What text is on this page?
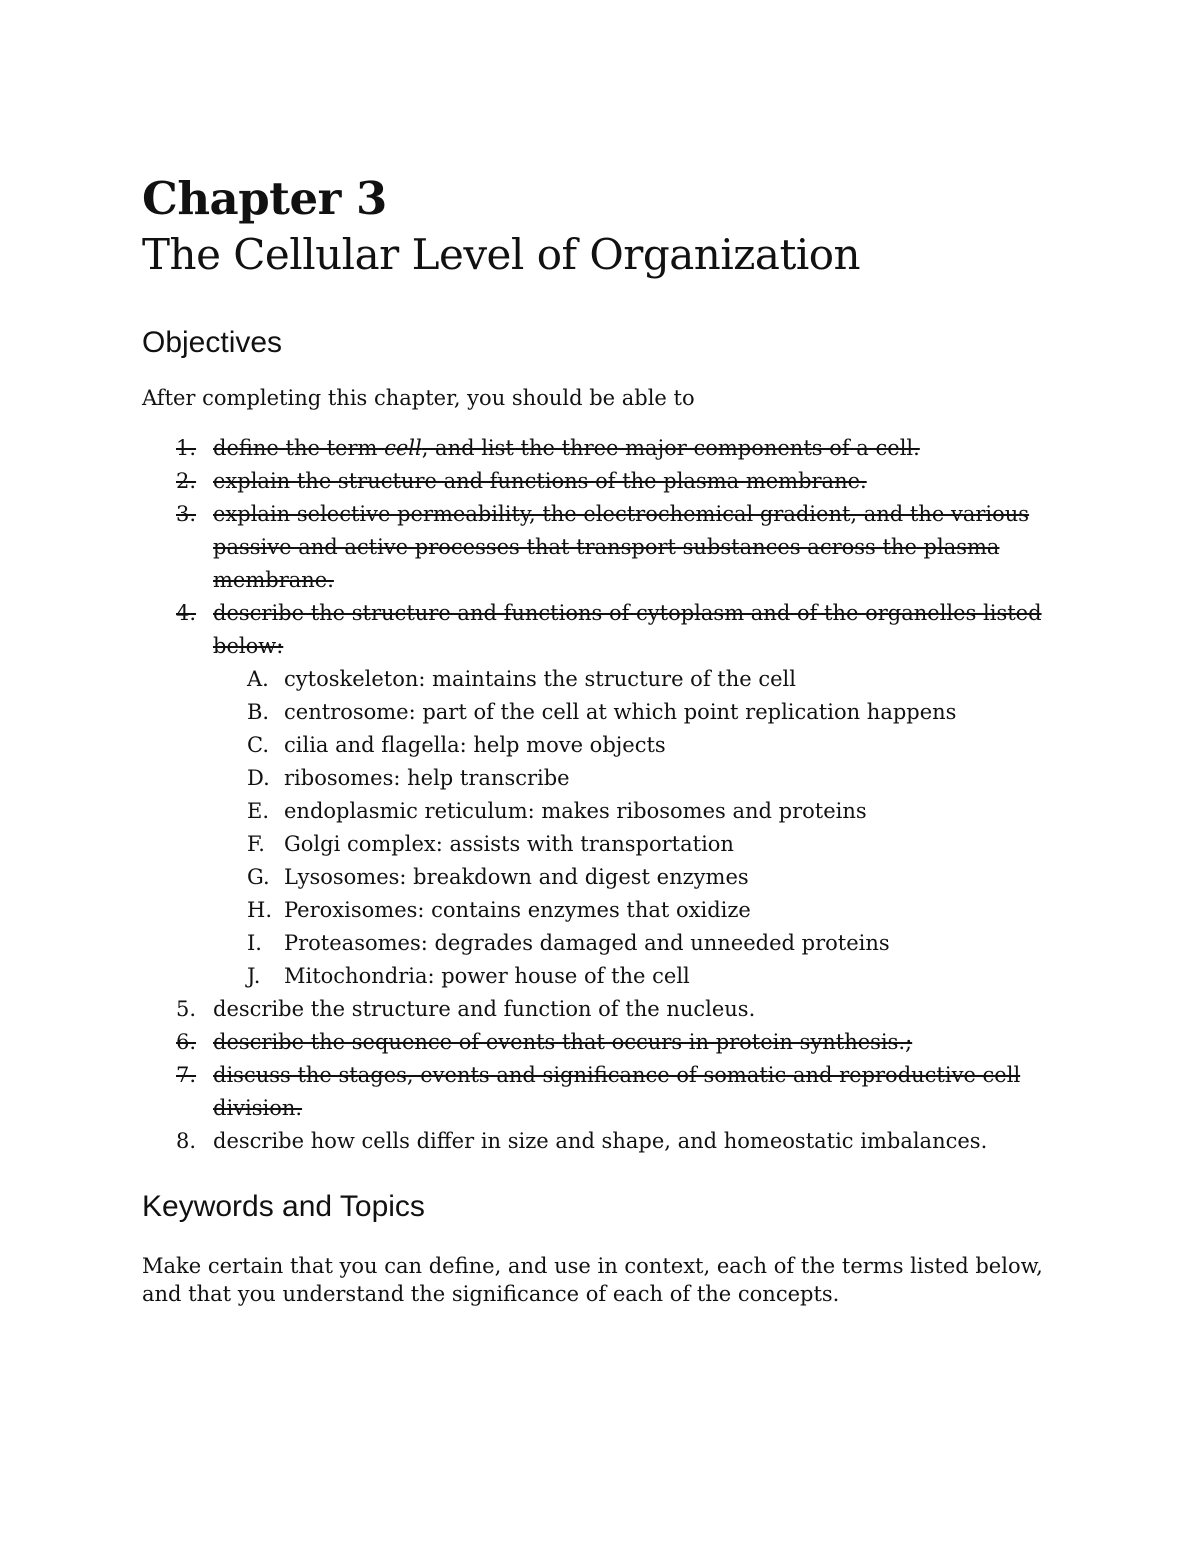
Chapter 3
The Cellular Level of Organization
Objectives

After completing this chapter, you should be able to

1. define the term cell, and list the three major components of a cell.
2. explain the structure and functions of the plasma membrane.
3. explain selective permeability, the electrochemical gradient, and the various passive and active processes that transport substances across the plasma membrane.
4. describe the structure and functions of cytoplasm and of the organelles listed below:
A. cytoskeleton: maintains the structure of the cell
B. centrosome: part of the cell at which point replication happens
C. cilia and flagella: help move objects
D. ribosomes: help transcribe
E. endoplasmic reticulum: makes ribosomes and proteins
F. Golgi complex: assists with transportation
G. Lysosomes: breakdown and digest enzymes
H. Peroxisomes: contains enzymes that oxidize
I. Proteasomes: degrades damaged and unneeded proteins
J. Mitochondria: power house of the cell
5. describe the structure and function of the nucleus.
6. describe the sequence of events that occurs in protein synthesis.;
7. discuss the stages, events and significance of somatic and reproductive cell division.
8. describe how cells differ in size and shape, and homeostatic imbalances.
Keywords and Topics

Make certain that you can define, and use in context, each of the terms listed below, and that you understand the significance of each of the concepts.
